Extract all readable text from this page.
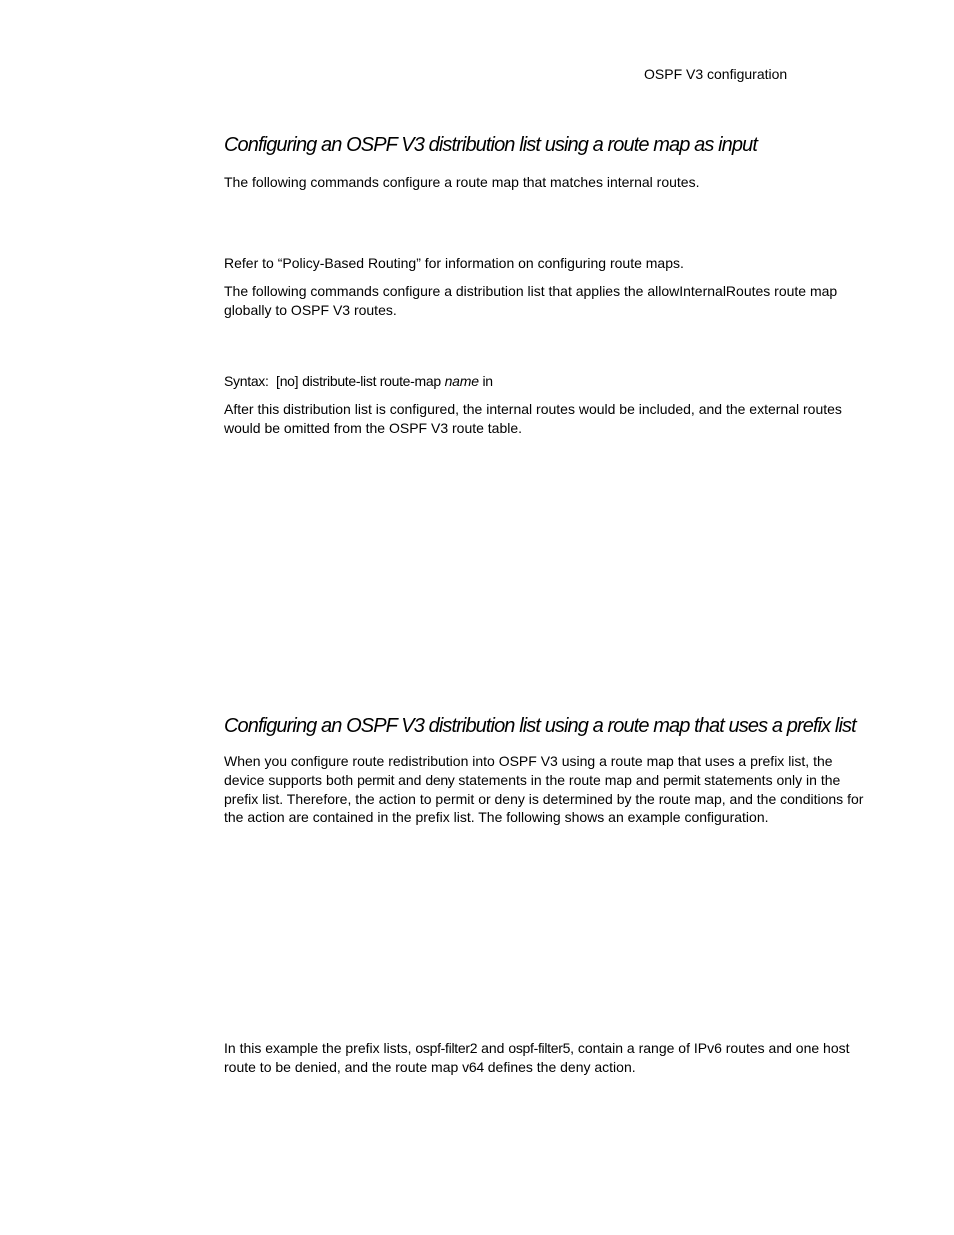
OSPF V3 configuration
Configuring an OSPF V3 distribution list using a route map as input

The following commands configure a route map that matches internal routes.

Refer to “Policy-Based Routing” for information on configuring route maps.

The following commands configure a distribution list that applies the allowInternalRoutes route map globally to OSPF V3 routes.

Syntax: [no] distribute-list route-map name in

After this distribution list is configured, the internal routes would be included, and the external routes would be omitted from the OSPF V3 route table.

Configuring an OSPF V3 distribution list using a route map that uses a prefix list

When you configure route redistribution into OSPF V3 using a route map that uses a prefix list, the device supports both permit and deny statements in the route map and permit statements only in the prefix list. Therefore, the action to permit or deny is determined by the route map, and the conditions for the action are contained in the prefix list. The following shows an example configuration.

In this example the prefix lists, ospf-filter2 and ospf-filter5, contain a range of IPv6 routes and one host route to be denied, and the route map v64 defines the deny action.
